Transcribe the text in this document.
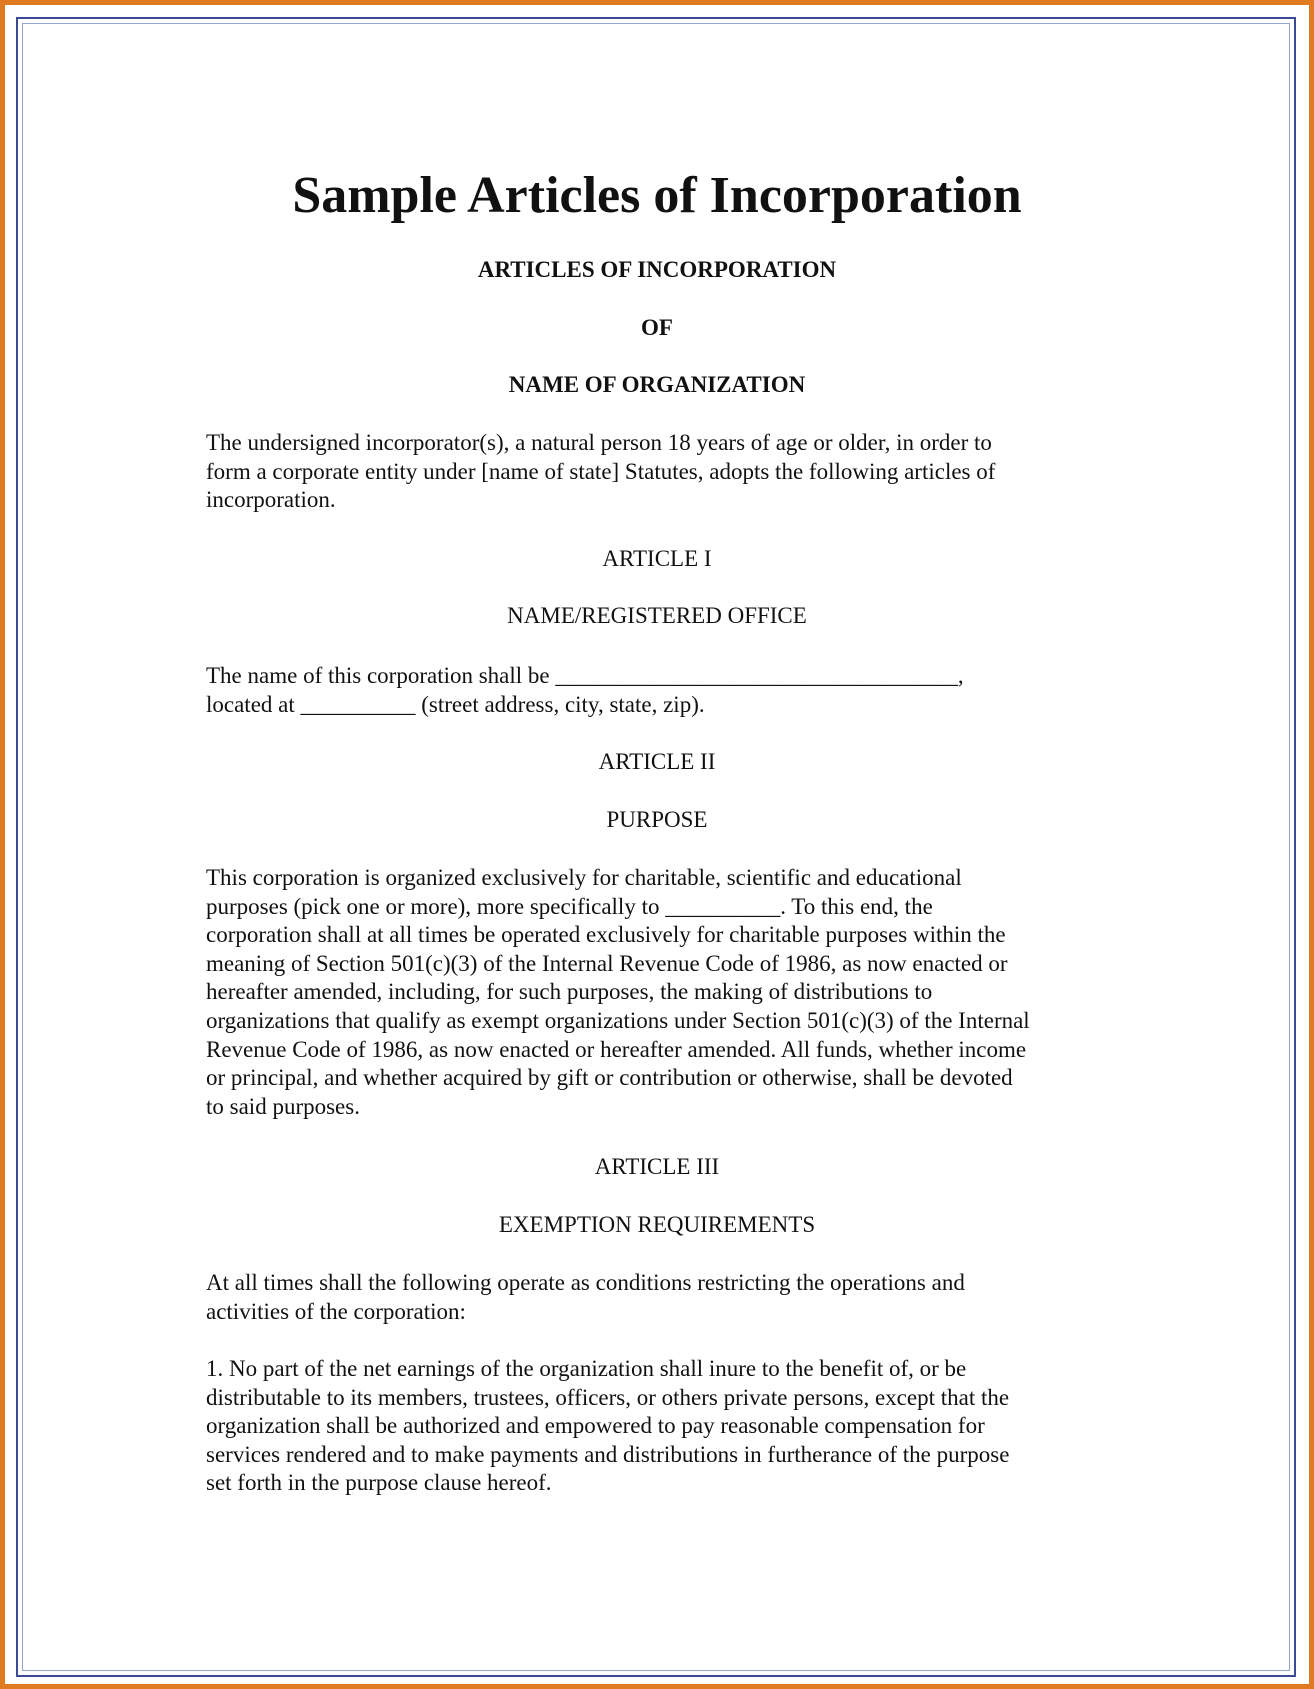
Sample Articles of Incorporation

ARTICLES OF INCORPORATION

OF

NAME OF ORGANIZATION

The undersigned incorporator(s), a natural person 18 years of age or older, in order to
form a corporate entity under [name of state] Statutes, adopts the following articles of
incorporation.

ARTICLE I

NAME/REGISTERED OFFICE

The name of this corporation shall be ___________________________________,
located at __________ (street address, city, state, zip).

ARTICLE II

PURPOSE

This corporation is organized exclusively for charitable, scientific and educational
purposes (pick one or more), more specifically to __________. To this end, the
corporation shall at all times be operated exclusively for charitable purposes within the
meaning of Section 501(c)(3) of the Internal Revenue Code of 1986, as now enacted or
hereafter amended, including, for such purposes, the making of distributions to
organizations that qualify as exempt organizations under Section 501(c)(3) of the Internal
Revenue Code of 1986, as now enacted or hereafter amended. All funds, whether income
or principal, and whether acquired by gift or contribution or otherwise, shall be devoted
to said purposes.

ARTICLE III

EXEMPTION REQUIREMENTS

At all times shall the following operate as conditions restricting the operations and
activities of the corporation:

1. No part of the net earnings of the organization shall inure to the benefit of, or be
distributable to its members, trustees, officers, or others private persons, except that the
organization shall be authorized and empowered to pay reasonable compensation for
services rendered and to make payments and distributions in furtherance of the purpose
set forth in the purpose clause hereof.
